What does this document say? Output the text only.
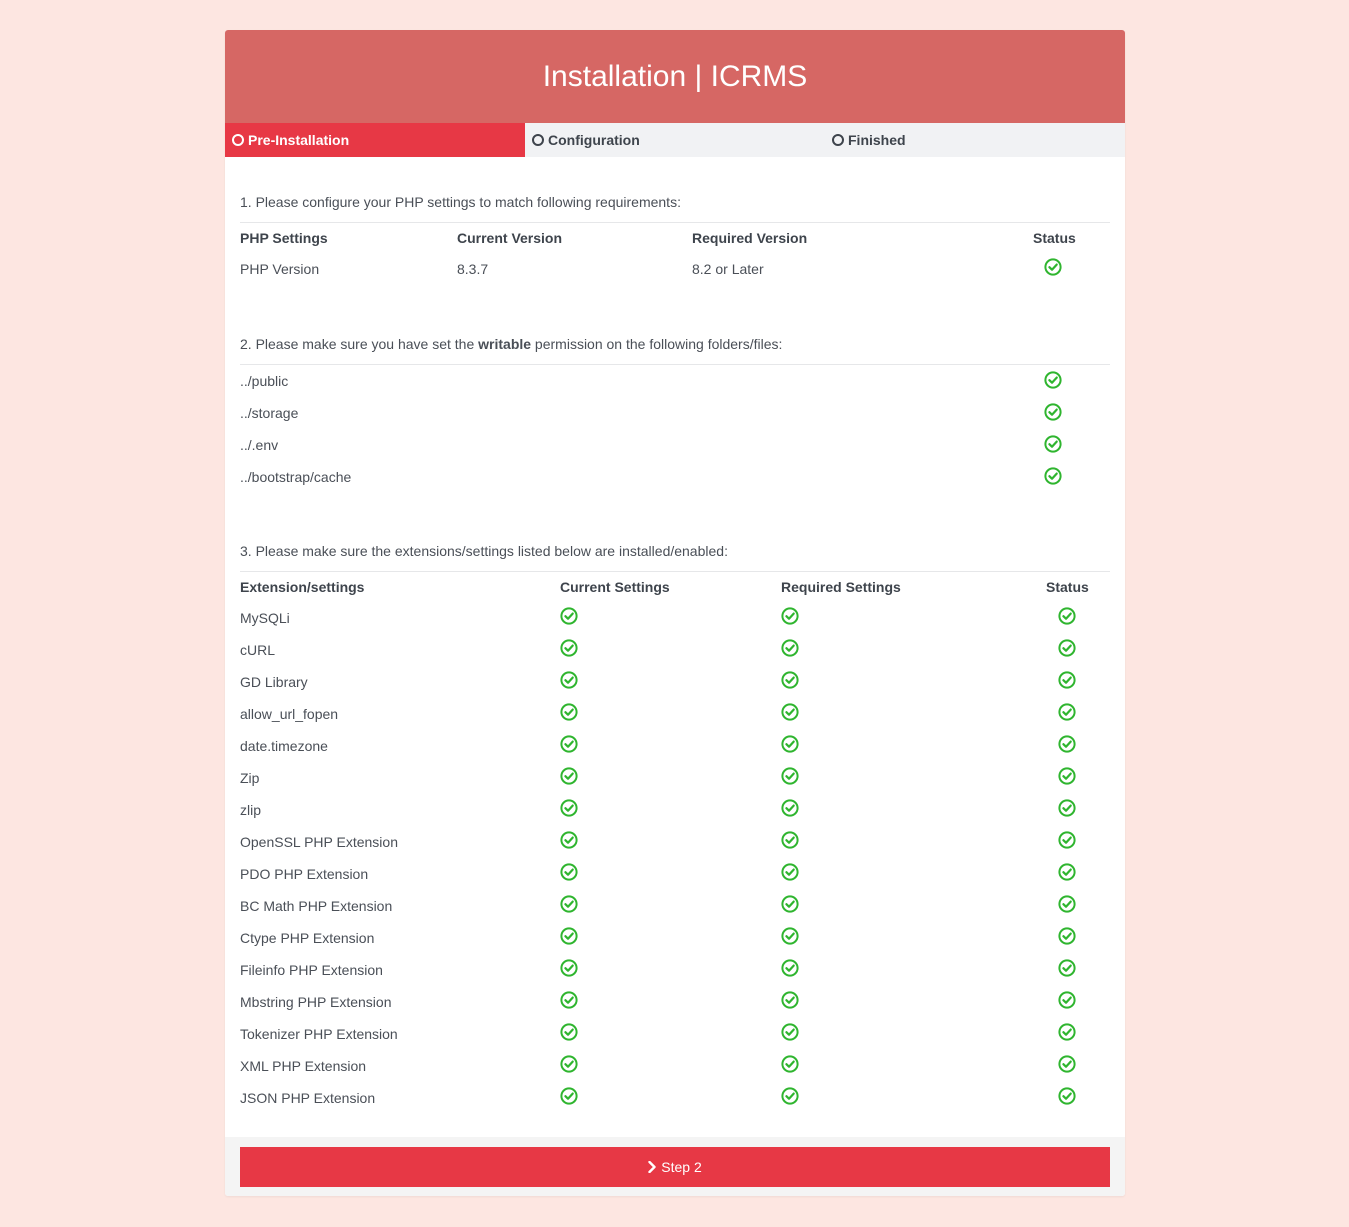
Installation | ICRMS
Pre-Installation	Configuration	Finished
1. Please configure your PHP settings to match following requirements:
PHP Settings	Current Version	Required Version	Status
PHP Version	8.3.7	8.2 or Later
2. Please make sure you have set the writable permission on the following folders/files:
../public
../storage
../.env
../bootstrap/cache
3. Please make sure the extensions/settings listed below are installed/enabled:
Extension/settings	Current Settings	Required Settings	Status
MySQLi
cURL
GD Library
allow_url_fopen
date.timezone
Zip
zlip
OpenSSL PHP Extension
PDO PHP Extension
BC Math PHP Extension
Ctype PHP Extension
Fileinfo PHP Extension
Mbstring PHP Extension
Tokenizer PHP Extension
XML PHP Extension
JSON PHP Extension
Step 2
